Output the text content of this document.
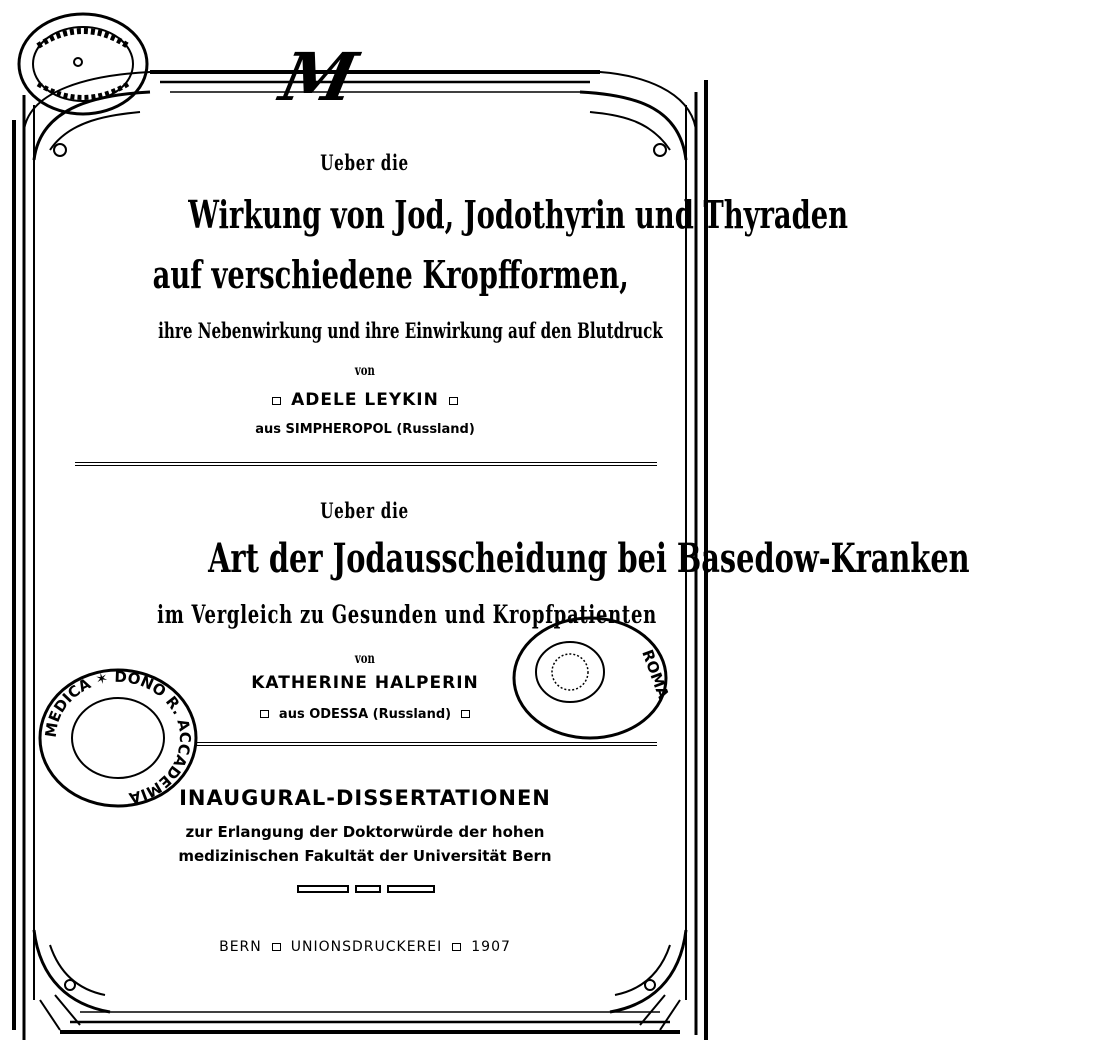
M
Ueber die
Wirkung von Jod, Jodothyrin und Thyraden
auf verschiedene Kropfformen,
ihre Nebenwirkung und ihre Einwirkung auf den Blutdruck
von
ADELE LEYKIN
aus SIMPHEROPOL (Russland)
Ueber die
Art der Jodausscheidung bei Basedow-Kranken
im Vergleich zu Gesunden und Kropfpatienten
von
KATHERINE HALPERIN
aus ODESSA (Russland)
INAUGURAL-DISSERTATIONEN
zur Erlangung der Doktorwürde der hohen
medizinischen Fakultät der Universität Bern
BERN UNIONSDRUCKEREI 1907
MEDICA ✶ DONO R. ACCADEMIA
ROMA
